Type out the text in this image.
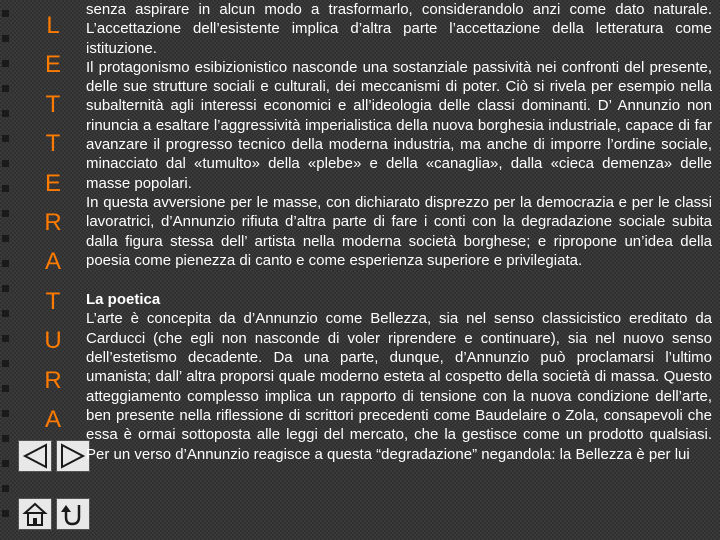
L
E
T
T
E
R
A
T
U
R
A

senza aspirare in alcun modo a trasformarlo, considerandolo anzi come dato naturale. L’accettazione dell’esistente implica d’altra parte l’accettazione della letteratura come istituzione.

Il protagonismo esibizionistico nasconde una sostanziale passività nei confronti del presente, delle sue strutture sociali e culturali, dei meccanismi di poter. Ciò si rivela per esempio nella subalternità agli interessi economici e all’ideologia delle classi dominanti. D’ Annunzio non rinuncia a esaltare l’aggressività imperialistica della nuova borghesia industriale, capace di far avanzare il progresso tecnico della moderna industria, ma anche di imporre l’ordine sociale, minacciato dal «tumulto» della «plebe» e della «canaglia», dalla «cieca demenza» delle masse popolari.

In questa avversione per le masse, con dichiarato disprezzo per la democrazia e per le classi lavoratrici, d’Annunzio rifiuta d’altra parte di fare i conti con la degradazione sociale subita dalla figura stessa dell’ artista nella moderna società borghese; e ripropone un’idea della poesia come pienezza di canto e come esperienza superiore e privilegiata.

La poetica

L’arte è concepita da d’Annunzio come Bellezza, sia nel senso classicistico ereditato da Carducci (che egli non nasconde di voler riprendere e continuare), sia nel nuovo senso dell’estetismo decadente. Da una parte, dunque, d’Annunzio può proclamarsi l’ultimo umanista; dall’ altra proporsi quale moderno esteta al cospetto della società di massa. Questo atteggiamento complesso implica un rapporto di tensione con la nuova condizione dell’arte, ben presente nella riflessione di scrittori precedenti come Baudelaire o Zola, consapevoli che essa è ormai sottoposta alle leggi del mercato, che la gestisce come un prodotto qualsiasi. Per un verso d’Annunzio reagisce a questa “degradazione” negandola: la Bellezza è per lui
